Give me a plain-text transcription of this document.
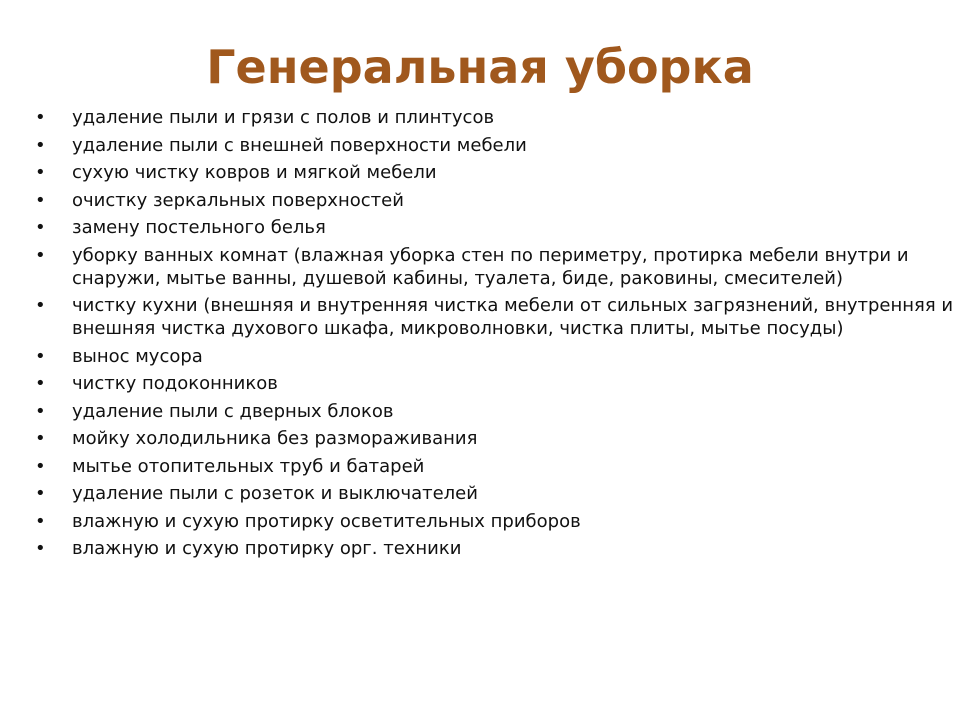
Генеральная уборка
• удаление пыли и грязи с полов и плинтусов
• удаление пыли с внешней поверхности мебели
• сухую чистку ковров и мягкой мебели
• очистку зеркальных поверхностей
• замену постельного белья
• уборку ванных комнат (влажная уборка стен по периметру, протирка мебели внутри и снаружи, мытье ванны, душевой кабины, туалета, биде, раковины, смесителей)
• чистку кухни (внешняя и внутренняя чистка мебели от сильных загрязнений, внутренняя и внешняя чистка духового шкафа, микроволновки, чистка плиты, мытье посуды)
• вынос мусора
• чистку подоконников
• удаление пыли с дверных блоков
• мойку холодильника без размораживания
• мытье отопительных труб и батарей
• удаление пыли с розеток и выключателей
• влажную и сухую протирку осветительных приборов
• влажную и сухую протирку орг. техники
